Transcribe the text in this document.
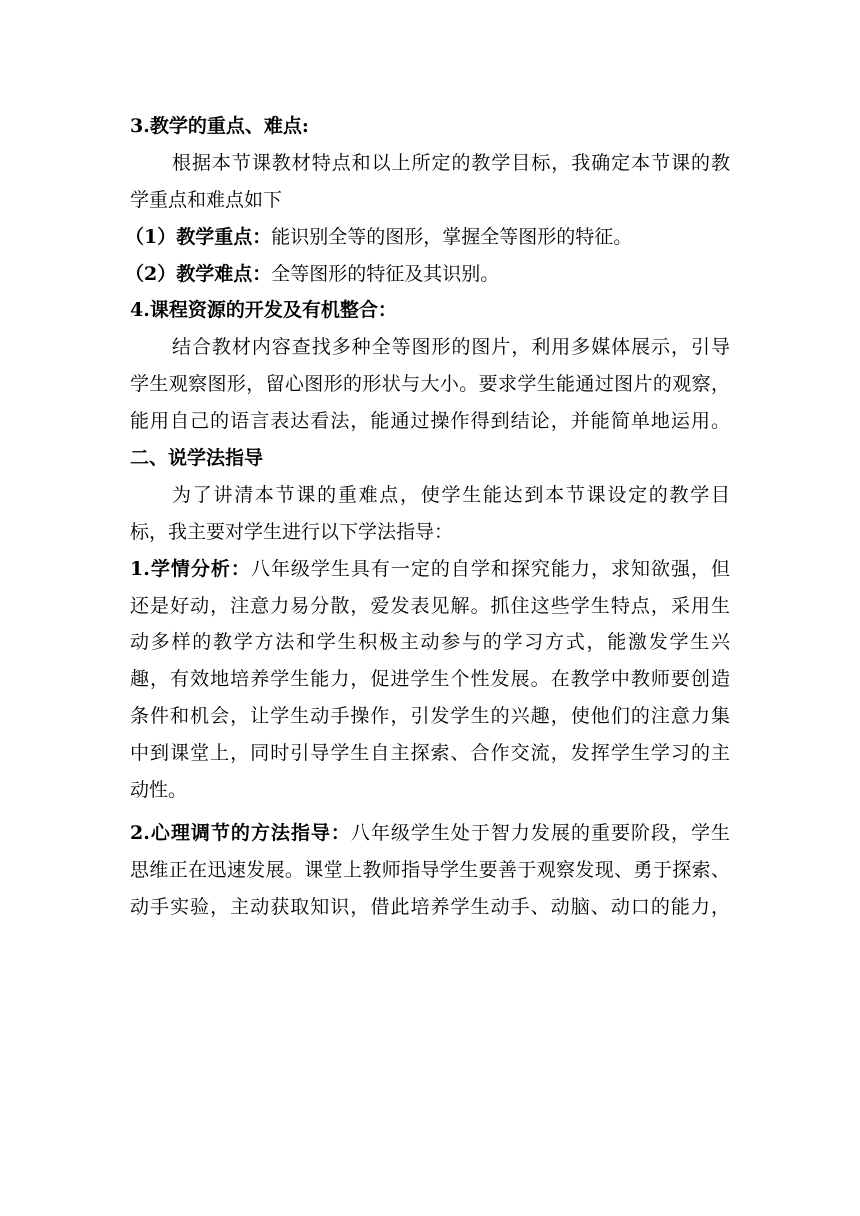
3.教学的重点、难点:
根据本节课教材特点和以上所定的教学目标，我确定本节课的教
学重点和难点如下
（1）教学重点：能识别全等的图形，掌握全等图形的特征。
（2）教学难点：全等图形的特征及其识别。
4.课程资源的开发及有机整合：
结合教材内容查找多种全等图形的图片，利用多媒体展示，引导
学生观察图形，留心图形的形状与大小。要求学生能通过图片的观察，
能用自己的语言表达看法，能通过操作得到结论，并能简单地运用。
二、说学法指导
为了讲清本节课的重难点，使学生能达到本节课设定的教学目
标，我主要对学生进行以下学法指导：
1.学情分析：八年级学生具有一定的自学和探究能力，求知欲强，但
还是好动，注意力易分散，爱发表见解。抓住这些学生特点，采用生
动多样的教学方法和学生积极主动参与的学习方式，能激发学生兴
趣，有效地培养学生能力，促进学生个性发展。在教学中教师要创造
条件和机会，让学生动手操作，引发学生的兴趣，使他们的注意力集
中到课堂上，同时引导学生自主探索、合作交流，发挥学生学习的主
动性。
2.心理调节的方法指导：八年级学生处于智力发展的重要阶段，学生
思维正在迅速发展。课堂上教师指导学生要善于观察发现、勇于探索、
动手实验，主动获取知识，借此培养学生动手、动脑、动口的能力，
